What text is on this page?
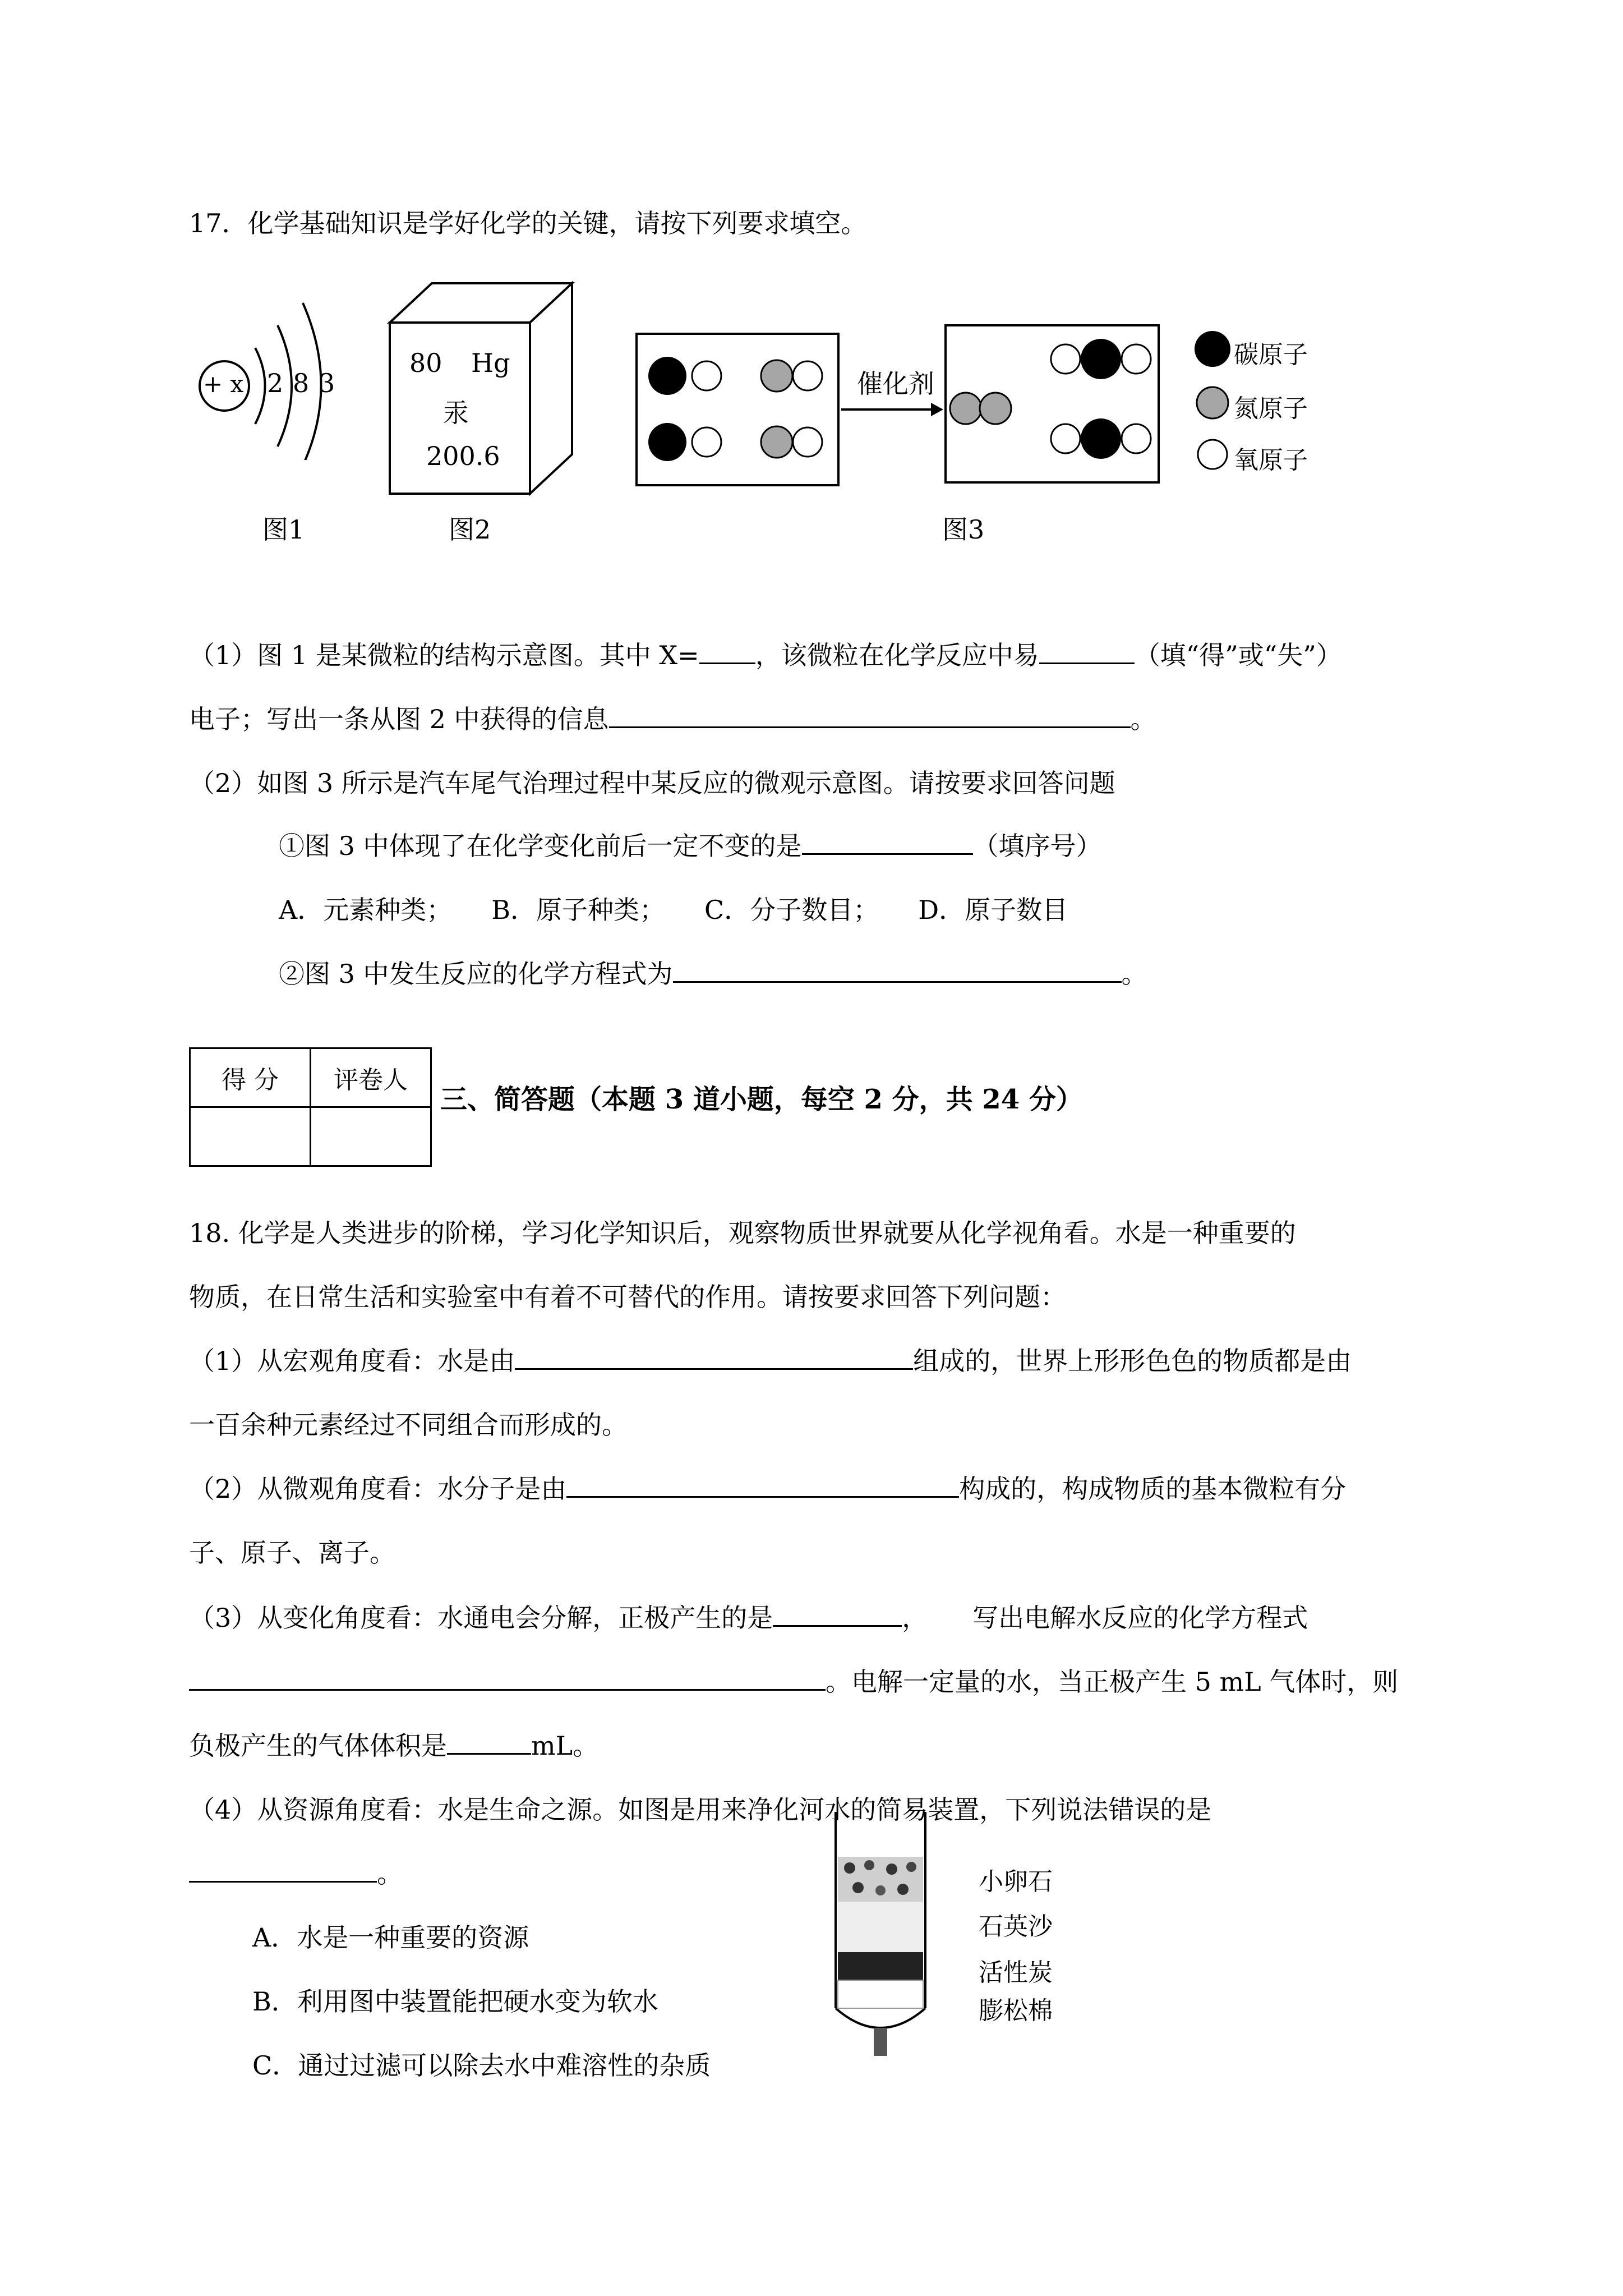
17．化学基础知识是学好化学的关键，请按下列要求填空。
+ x 2 8 3
图1
80 Hg
汞
200.6
图2
催化剂
碳原子
氮原子
氧原子
图3
（1）图 1 是某微粒的结构示意图。其中 X= ，该微粒在化学反应中易	（填“得”或“失”）
电子；写出一条从图 2 中获得的信息	。
（2）如图 3 所示是汽车尾气治理过程中某反应的微观示意图。请按要求回答问题
①图 3 中体现了在化学变化前后一定不变的是	（填序号）
A．元素种类； B．原子种类； C．分子数目； D．原子数目
②图 3 中发生反应的化学方程式为	。
得 分	评卷人

三、简答题（本题 3 道小题，每空 2 分，共 24 分）
18. 化学是人类进步的阶梯，学习化学知识后，观察物质世界就要从化学视角看。水是一种重要的
物质，在日常生活和实验室中有着不可替代的作用。请按要求回答下列问题：
（1）从宏观角度看：水是由	组成的，世界上形形色色的物质都是由
一百余种元素经过不同组合而形成的。
（2）从微观角度看：水分子是由	构成的，构成物质的基本微粒有分
子、原子、离子。
（3）从变化角度看：水通电会分解，正极产生的是	， 写出电解水反应的化学方程式
。电解一定量的水，当正极产生 5 mL 气体时，则
负极产生的气体体积是	mL。
（4）从资源角度看：水是生命之源。如图是用来净化河水的简易装置，下列说法错误的是
。
A．水是一种重要的资源
B．利用图中装置能把硬水变为软水
C．通过过滤可以除去水中难溶性的杂质
小卵石
石英沙
活性炭
膨松棉
